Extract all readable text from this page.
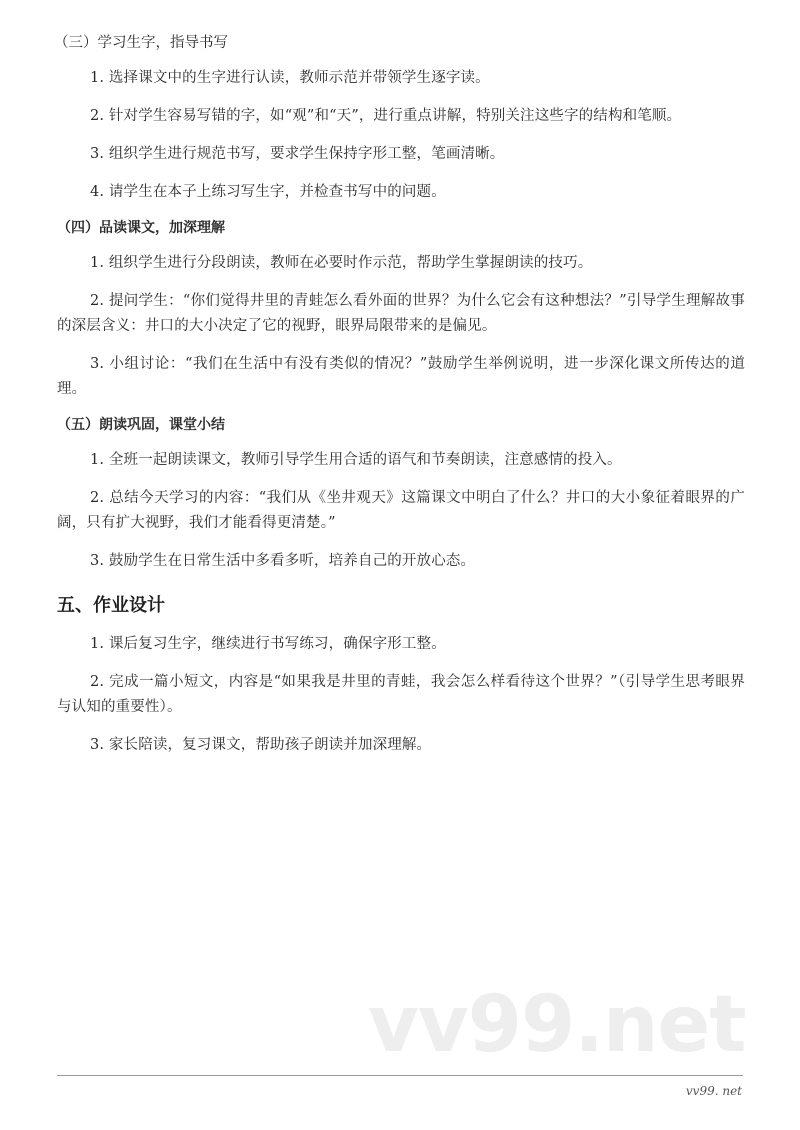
（三）学习生字，指导书写

1. 选择课文中的生字进行认读，教师示范并带领学生逐字读。

2. 针对学生容易写错的字，如“观”和“天”，进行重点讲解，特别关注这些字的结构和笔顺。

3. 组织学生进行规范书写，要求学生保持字形工整，笔画清晰。

4. 请学生在本子上练习写生字，并检查书写中的问题。

（四）品读课文，加深理解

1. 组织学生进行分段朗读，教师在必要时作示范，帮助学生掌握朗读的技巧。

2. 提问学生：“你们觉得井里的青蛙怎么看外面的世界？为什么它会有这种想法？”引导学生理解故事的深层含义：井口的大小决定了它的视野，眼界局限带来的是偏见。

3. 小组讨论：“我们在生活中有没有类似的情况？”鼓励学生举例说明，进一步深化课文所传达的道理。

（五）朗读巩固，课堂小结

1. 全班一起朗读课文，教师引导学生用合适的语气和节奏朗读，注意感情的投入。

2. 总结今天学习的内容：“我们从《坐井观天》这篇课文中明白了什么？井口的大小象征着眼界的广阔，只有扩大视野，我们才能看得更清楚。”

3. 鼓励学生在日常生活中多看多听，培养自己的开放心态。

五、作业设计

1. 课后复习生字，继续进行书写练习，确保字形工整。

2. 完成一篇小短文，内容是“如果我是井里的青蛙，我会怎么样看待这个世界？”（引导学生思考眼界与认知的重要性）。

3. 家长陪读，复习课文，帮助孩子朗读并加深理解。

vv99.net
vv99. net
